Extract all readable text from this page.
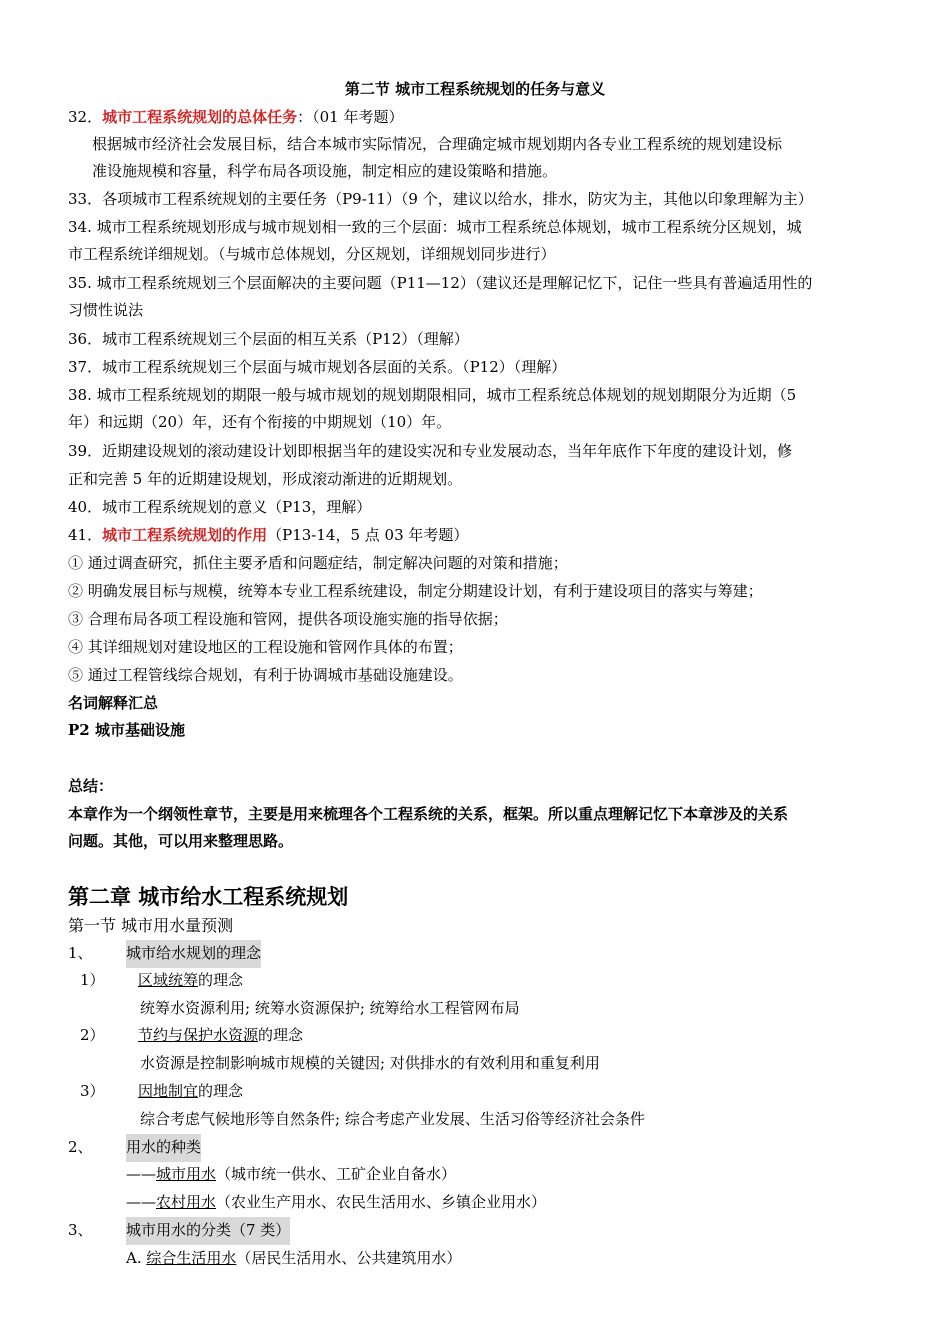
第二节 城市工程系统规划的任务与意义
32．城市工程系统规划的总体任务：（01 年考题）
根据城市经济社会发展目标，结合本城市实际情况，合理确定城市规划期内各专业工程系统的规划建设标
准设施规模和容量，科学布局各项设施，制定相应的建设策略和措施。
33．各项城市工程系统规划的主要任务（P9-11）（9 个，建议以给水，排水，防灾为主，其他以印象理解为主）
34. 城市工程系统规划形成与城市规划相一致的三个层面：城市工程系统总体规划，城市工程系统分区规划，城
市工程系统详细规划。（与城市总体规划，分区规划，详细规划同步进行）
35. 城市工程系统规划三个层面解决的主要问题（P11—12）（建议还是理解记忆下，记住一些具有普遍适用性的
习惯性说法
36．城市工程系统规划三个层面的相互关系（P12）（理解）
37．城市工程系统规划三个层面与城市规划各层面的关系。（P12）（理解）
38. 城市工程系统规划的期限一般与城市规划的规划期限相同，城市工程系统总体规划的规划期限分为近期（5
年）和远期（20）年，还有个衔接的中期规划（10）年。
39．近期建设规划的滚动建设计划即根据当年的建设实况和专业发展动态，当年年底作下年度的建设计划，修
正和完善 5 年的近期建设规划，形成滚动渐进的近期规划。
40．城市工程系统规划的意义（P13，理解）
41．城市工程系统规划的作用（P13-14，5 点 03 年考题）
① 通过调查研究，抓住主要矛盾和问题症结，制定解决问题的对策和措施；
② 明确发展目标与规模，统筹本专业工程系统建设，制定分期建设计划，有利于建设项目的落实与筹建；
③ 合理布局各项工程设施和管网，提供各项设施实施的指导依据；
④ 其详细规划对建设地区的工程设施和管网作具体的布置；
⑤ 通过工程管线综合规划，有利于协调城市基础设施建设。
名词解释汇总
P2 城市基础设施
总结：
本章作为一个纲领性章节，主要是用来梳理各个工程系统的关系，框架。所以重点理解记忆下本章涉及的关系
问题。其他，可以用来整理思路。
第二章 城市给水工程系统规划
第一节 城市用水量预测
1、 城市给水规划的理念
1） 区域统筹的理念
统筹水资源利用; 统筹水资源保护; 统筹给水工程管网布局
2） 节约与保护水资源的理念
水资源是控制影响城市规模的关键因; 对供排水的有效利用和重复利用
3） 因地制宜的理念
综合考虑气候地形等自然条件; 综合考虑产业发展、生活习俗等经济社会条件
2、 用水的种类
——城市用水（城市统一供水、工矿企业自备水）
——农村用水（农业生产用水、农民生活用水、乡镇企业用水）
3、 城市用水的分类（7 类）
A. 综合生活用水（居民生活用水、公共建筑用水）
